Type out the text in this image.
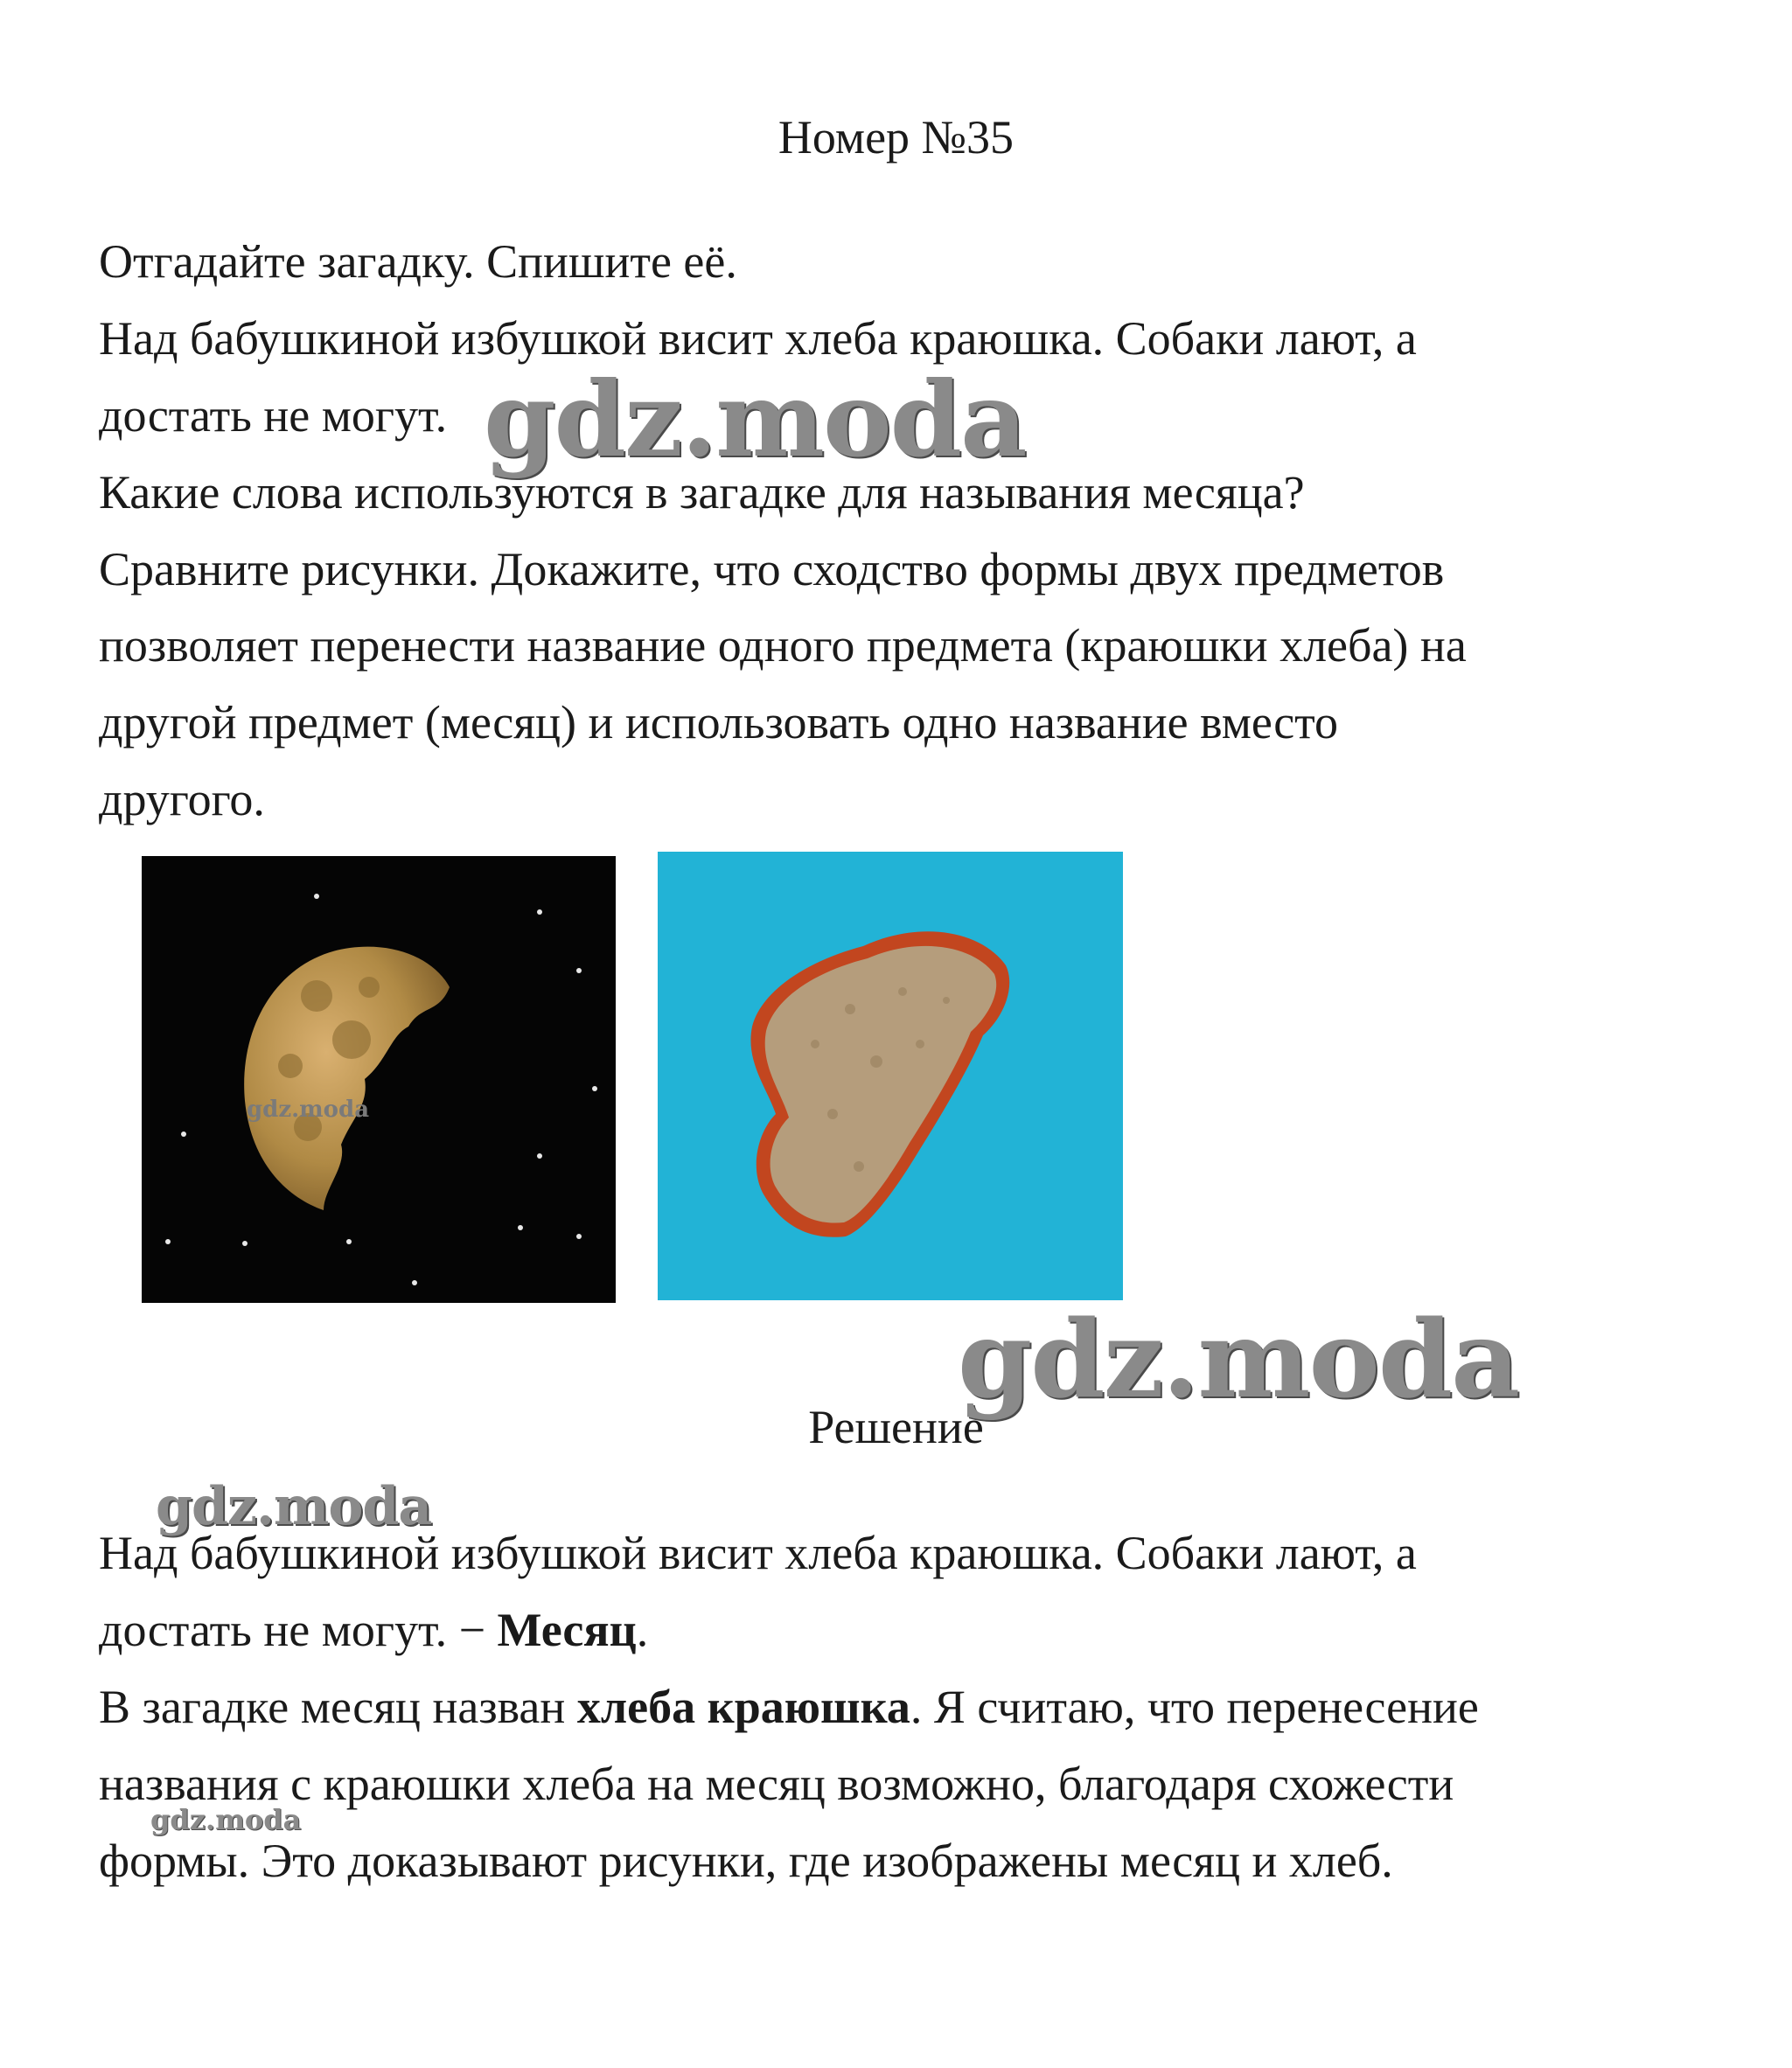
Номер №35
Отгадайте загадку. Спишите её.
Над бабушкиной избушкой висит хлеба краюшка. Собаки лают, а
достать не могут.
Какие слова используются в загадке для называния месяца?
Сравните рисунки. Докажите, что сходство формы двух предметов
позволяет перенести название одного предмета (краюшки хлеба) на
другой предмет (месяц) и использовать одно название вместо
другого.
gdz.moda
gdz.moda
gdz.moda
Решение
gdz.moda
Над бабушкиной избушкой висит хлеба краюшка. Собаки лают, а
достать не могут. − Месяц.
В загадке месяц назван хлеба краюшка. Я считаю, что перенесение
названия с краюшки хлеба на месяц возможно, благодаря схожести
gdz.moda
формы. Это доказывают рисунки, где изображены месяц и хлеб.
